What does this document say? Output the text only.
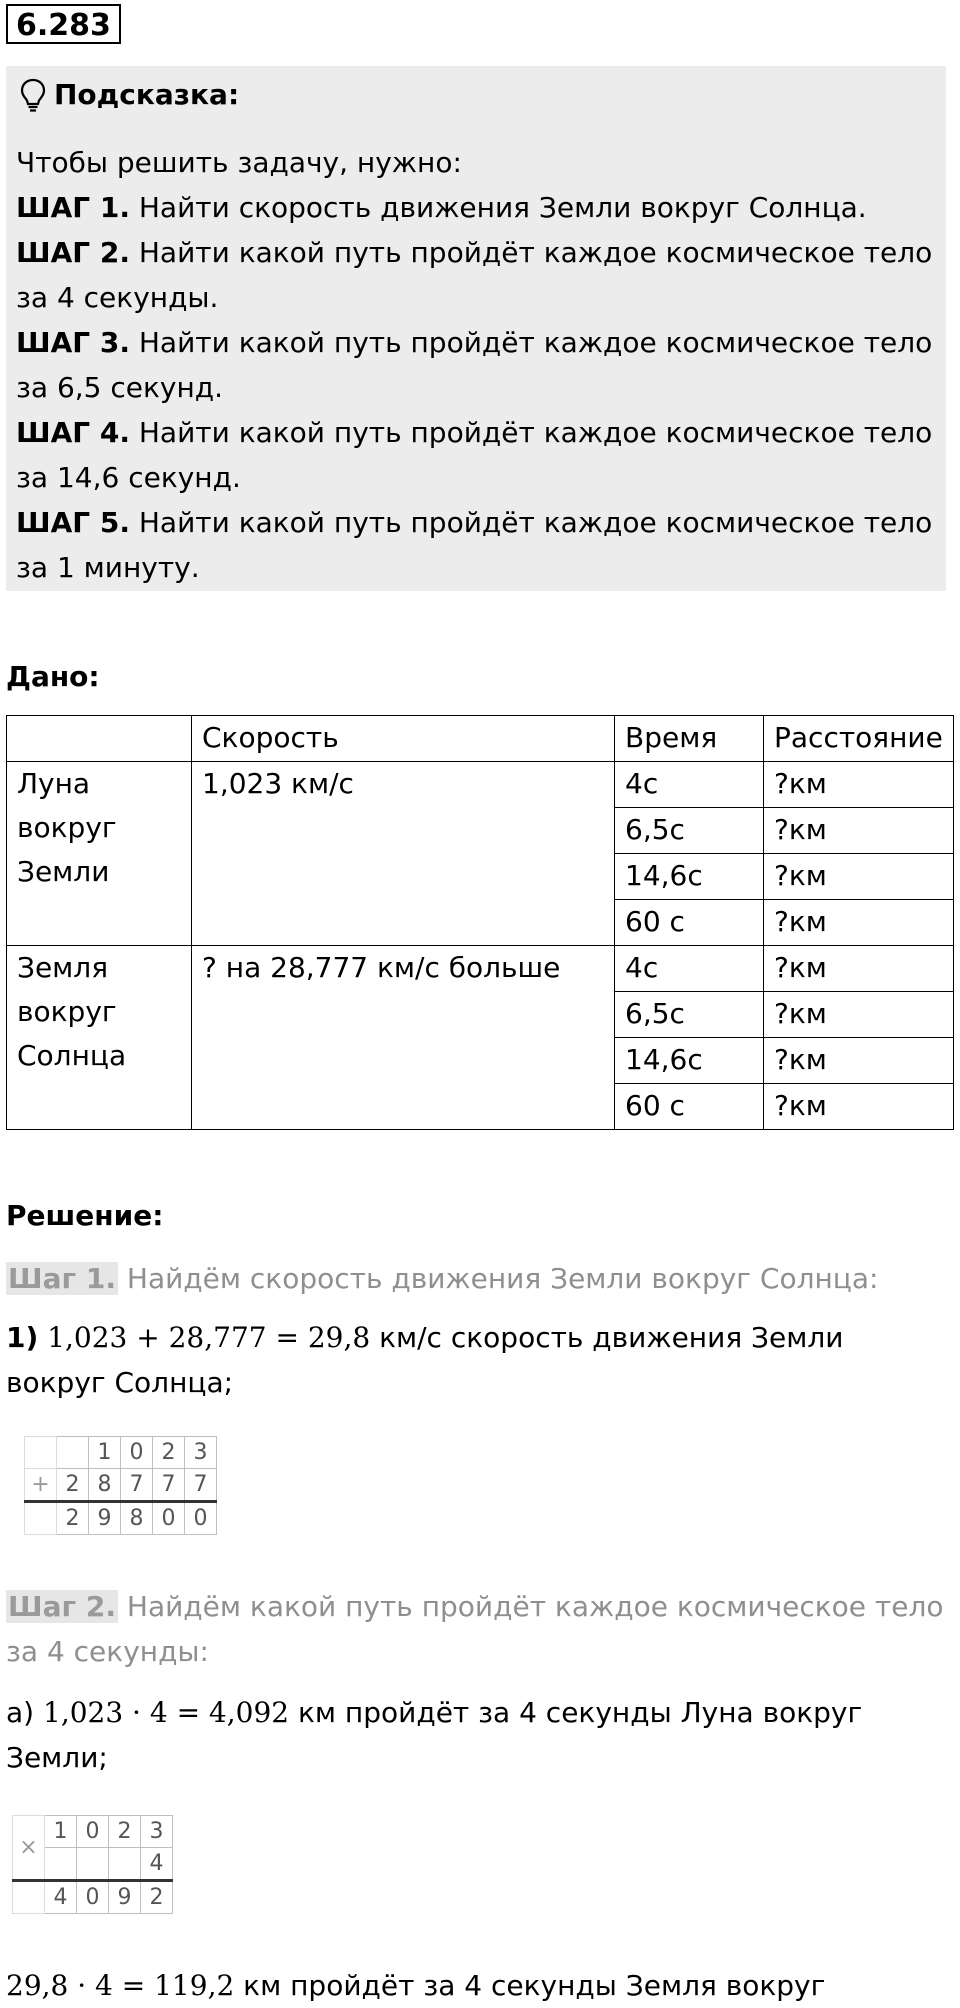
6.283
Подсказка:

Чтобы решить задачу, нужно:

ШАГ 1. Найти скорость движения Земли вокруг Солнца.

ШАГ 2. Найти какой путь пройдёт каждое космическое тело
за 4 секунды.

ШАГ 3. Найти какой путь пройдёт каждое космическое тело
за 6,5 секунд.

ШАГ 4. Найти какой путь пройдёт каждое космическое тело
за 14,6 секунд.

ШАГ 5. Найти какой путь пройдёт каждое космическое тело
за 1 минуту.

Дано:
	Скорость	Время	Расстояние
Луна
вокруг
Земли	1,023 км/с	4с	?км
		6,5с	?км
		14,6с	?км
		60 с	?км
Земля
вокруг
Солнца	? на 28,777 км/с больше	4с	?км
		6,5с	?км
		14,6с	?км
		60 с	?км
Решение:
Шаг 1. Найдём скорость движения Земли вокруг Солнца:
1) 1,023 + 28,777 = 29,8 км/с скорость движения Земли
вокруг Солнца;
		1	0	2	3
+	2	8	7	7	7
	2	9	8	0	0
Шаг 2. Найдём какой путь пройдёт каждое космическое тело
за 4 секунды:
а) 1,023 · 4 = 4,092 км пройдёт за 4 секунды Луна вокруг
Земли;
×	1	0	2	3
				4
	4	0	9	2
29,8 · 4 = 119,2 км пройдёт за 4 секунды Земля вокруг
